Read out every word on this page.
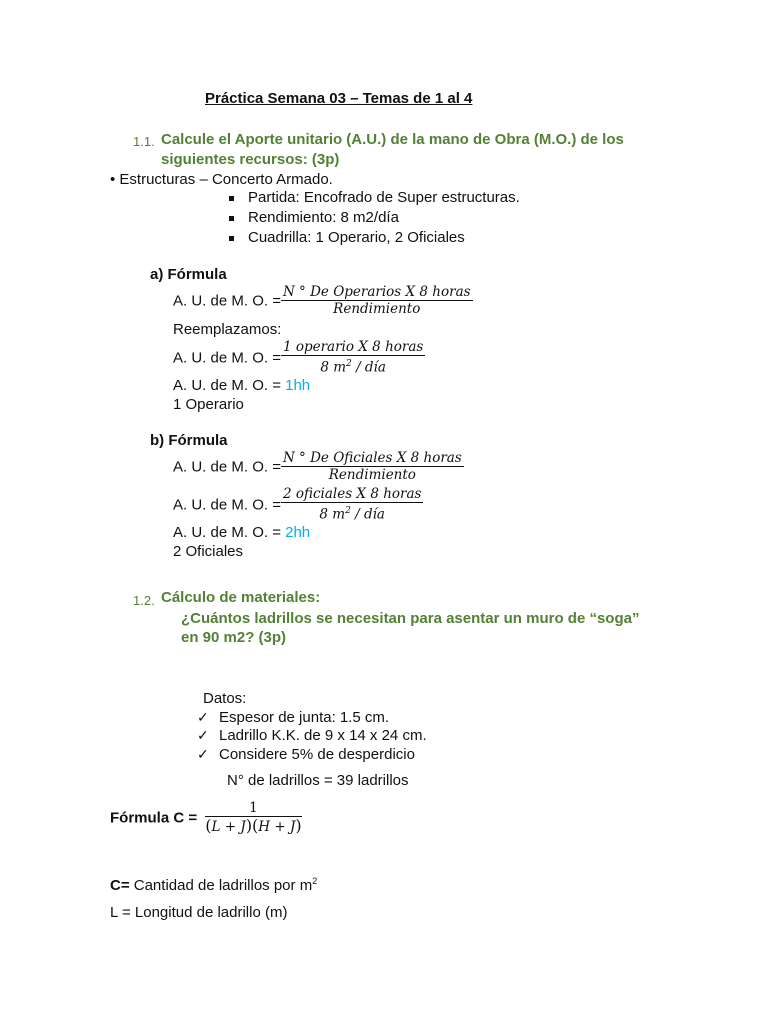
Práctica Semana 03 – Temas de 1 al 4
1.1. Calcule el Aporte unitario (A.U.) de la mano de Obra (M.O.) de los
siguientes recursos: (3p)
• Estructuras – Concerto Armado.
Partida: Encofrado de Super estructuras.
Rendimiento: 8 m2/día
Cuadrilla: 1 Operario, 2 Oficiales
a) Fórmula
A. U. de M. O. = $\frac{\text{N ° De Operarios X 8 horas}}{\text{Rendimiento}}$
Reemplazamos:
A. U. de M. O. = $\frac{\text{1 operario X 8 horas}}{8 m^2 / día}$
A. U. de M. O. = 1hh
1 Operario
b) Fórmula
A. U. de M. O. = $\frac{\text{N ° De Oficiales X 8 horas}}{\text{Rendimiento}}$
A. U. de M. O. = $\frac{\text{2 oficiales X 8 horas}}{8 m^2 / día}$
A. U. de M. O. = 2hh
2 Oficiales
1.2. Cálculo de materiales:
¿Cuántos ladrillos se necesitan para asentar un muro de “soga”
en 90 m2? (3p)
Datos:
✓ Espesor de junta: 1.5 cm.
✓ Ladrillo K.K. de 9 x 14 x 24 cm.
✓ Considere 5% de desperdicio
N° de ladrillos = 39 ladrillos
Fórmula $C = \frac{1}{(L + J)(H + J)}$
C= Cantidad de ladrillos por $m^2$
L = Longitud de ladrillo (m)
